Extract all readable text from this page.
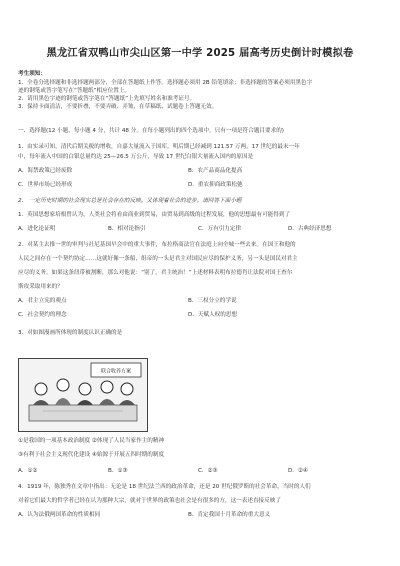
黑龙江省双鸭山市尖山区第一中学 2025 届高考历史倒计时模拟卷
考生须知：
1．全卷分选择题和非选择题两部分，全部在答题纸上作答。选择题必须用 2B 铅笔填涂；非选择题的答案必须用黑色字
迹的钢笔或答字笔写在“答题纸”相应位置上。
2．请用黑色字迹的钢笔或答字笔在“答题纸”上先填写姓名和准考证号。
3．保持卡面清洁，不要折叠，不要弄破、弄皱，在草稿纸、试题卷上答题无效。
一、选择题(12 小题，每小题 4 分，共计 48 分。在每小题列出的四个选项中，只有一项是符合题目要求的)
1．由实录可知，清代后期关税的增收，自嘉大量流入于国库。明后期已经减到 121.57 万两，17 世纪的最末一年
中，每年流入中国的白银总量约达 25—26.5 万公斤，导致 17 世纪白银大量流入国内的原因是
A．海禁政策已经废除	B．农产品商品化提高
C．世界市场已经形成	D．重农抑商政策松弛
2． 一定历史时期的社会现实总是社会存在的反映。又体现着社会的进步。请回答下面小题
1．英国思想家培根曾认为，人类社会将看由商业到贸易，由贸易到高级的过程发展，他的思想最有可能得到了
A．进化论证明	B．相对论指引	C．万有引力定律	D．古典经济思想
2．对某主去推一世的审判与社尼基国早会中的重大事件，布拉格商法官在法庭上向全城一些去来。在国王和他的
人民之间存在一个契约协定……这就好像一条船，组帝的一头是君主对国民应尽的保护义务，另一头是国民对君主
应尽的义务。如果这条纽带被割断，那么对他说：“别了，君主统治！”上述材料表明布拉德肖让法院对国王查尔
斯攻采取用来的？
A．君主立宪的观点	B．三权分立的学说
C．社会契约的理念	D．天赋人权的思想
3．对如图漫画所体现的制度认识正确的是
联合收养方案
①是我国的一项基本政治制度 ②体现了人民当家作主的精神
③有利于社会主义现代化建设 ④始源于开展五四时期的制度
A．①②	B．①③	C．②③	D．②④
4．1919 年，陈独秀在文章中指出：无论是 18 世纪法兰西的政治革命，还是 20 世纪俄罗斯的社会革命，当时的人们
对着它们最大的哲学者已经在认为那种大宗，就对于世界的政策也社会是有很多的方，这一表述直接反映了
A．认为法俄两国革命的性质相同	B．肯定我国十月革命的重大意义
